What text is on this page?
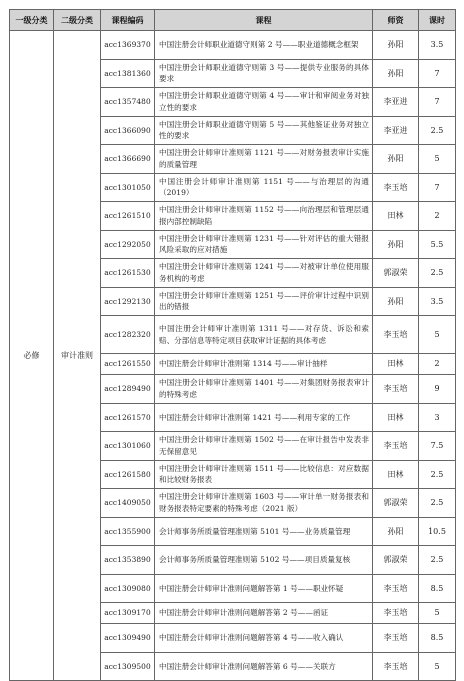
一级分类	二级分类	课程编码	课程	师资	课时
必修	审计准则	acc1369370	中国注册会计师职业道德守则第 2 号——职业道德概念框架	孙阳	3.5
		acc1381360	中国注册会计师职业道德守则第 3 号——提供专业服务的具体要求	孙阳	7
		acc1357480	中国注册会计师职业道德守则第 4 号——审计和审阅业务对独立性的要求	李亚进	7
		acc1366090	中国注册会计师职业道德守则第 5 号——其他鉴证业务对独立性的要求	李亚进	2.5
		acc1366690	中国注册会计师审计准则第 1121 号——对财务报表审计实施的质量管理	孙阳	5
		acc1301050	中国注册会计师审计准则第 1151 号——与治理层的沟通（2019）	李玉培	7
		acc1261510	中国注册会计师审计准则第 1152 号——向治理层和管理层通报内部控制缺陷	田林	2
		acc1292050	中国注册会计师审计准则第 1231 号——针对评估的重大错报风险采取的应对措施	孙阳	5.5
		acc1261530	中国注册会计师审计准则第 1241 号——对被审计单位使用服务机构的考虑	郭淑荣	2.5
		acc1292130	中国注册会计师审计准则第 1251 号——评价审计过程中识别出的错报	孙阳	3.5
		acc1282320	中国注册会计师审计准则第 1311 号——对存货、诉讼和索赔、分部信息等特定项目获取审计证据的具体考虑	李玉培	5
		acc1261550	中国注册会计师审计准则第 1314 号——审计抽样	田林	2
		acc1289490	中国注册会计师审计准则第 1401 号——对集团财务报表审计的特殊考虑	李玉培	9
		acc1261570	中国注册会计师审计准则第 1421 号——利用专家的工作	田林	3
		acc1301060	中国注册会计师审计准则第 1502 号——在审计报告中发表非无保留意见	李玉培	7.5
		acc1261580	中国注册会计师审计准则第 1511 号——比较信息：对应数据和比较财务报表	田林	2.5
		acc1409050	中国注册会计师审计准则第 1603 号——审计单一财务报表和财务报表特定要素的特殊考虑（2021 版）	郭淑荣	2.5
		acc1355900	会计师事务所质量管理准则第 5101 号——业务质量管理	孙阳	10.5
		acc1353890	会计师事务所质量管理准则第 5102 号——项目质量复核	郭淑荣	2.5
		acc1309080	中国注册会计师审计准则问题解答第 1 号——职业怀疑	李玉培	8.5
		acc1309170	中国注册会计师审计准则问题解答第 2 号——函证	李玉培	5
		acc1309490	中国注册会计师审计准则问题解答第 4 号——收入确认	李玉培	8.5
		acc1309500	中国注册会计师审计准则问题解答第 6 号——关联方	李玉培	5
